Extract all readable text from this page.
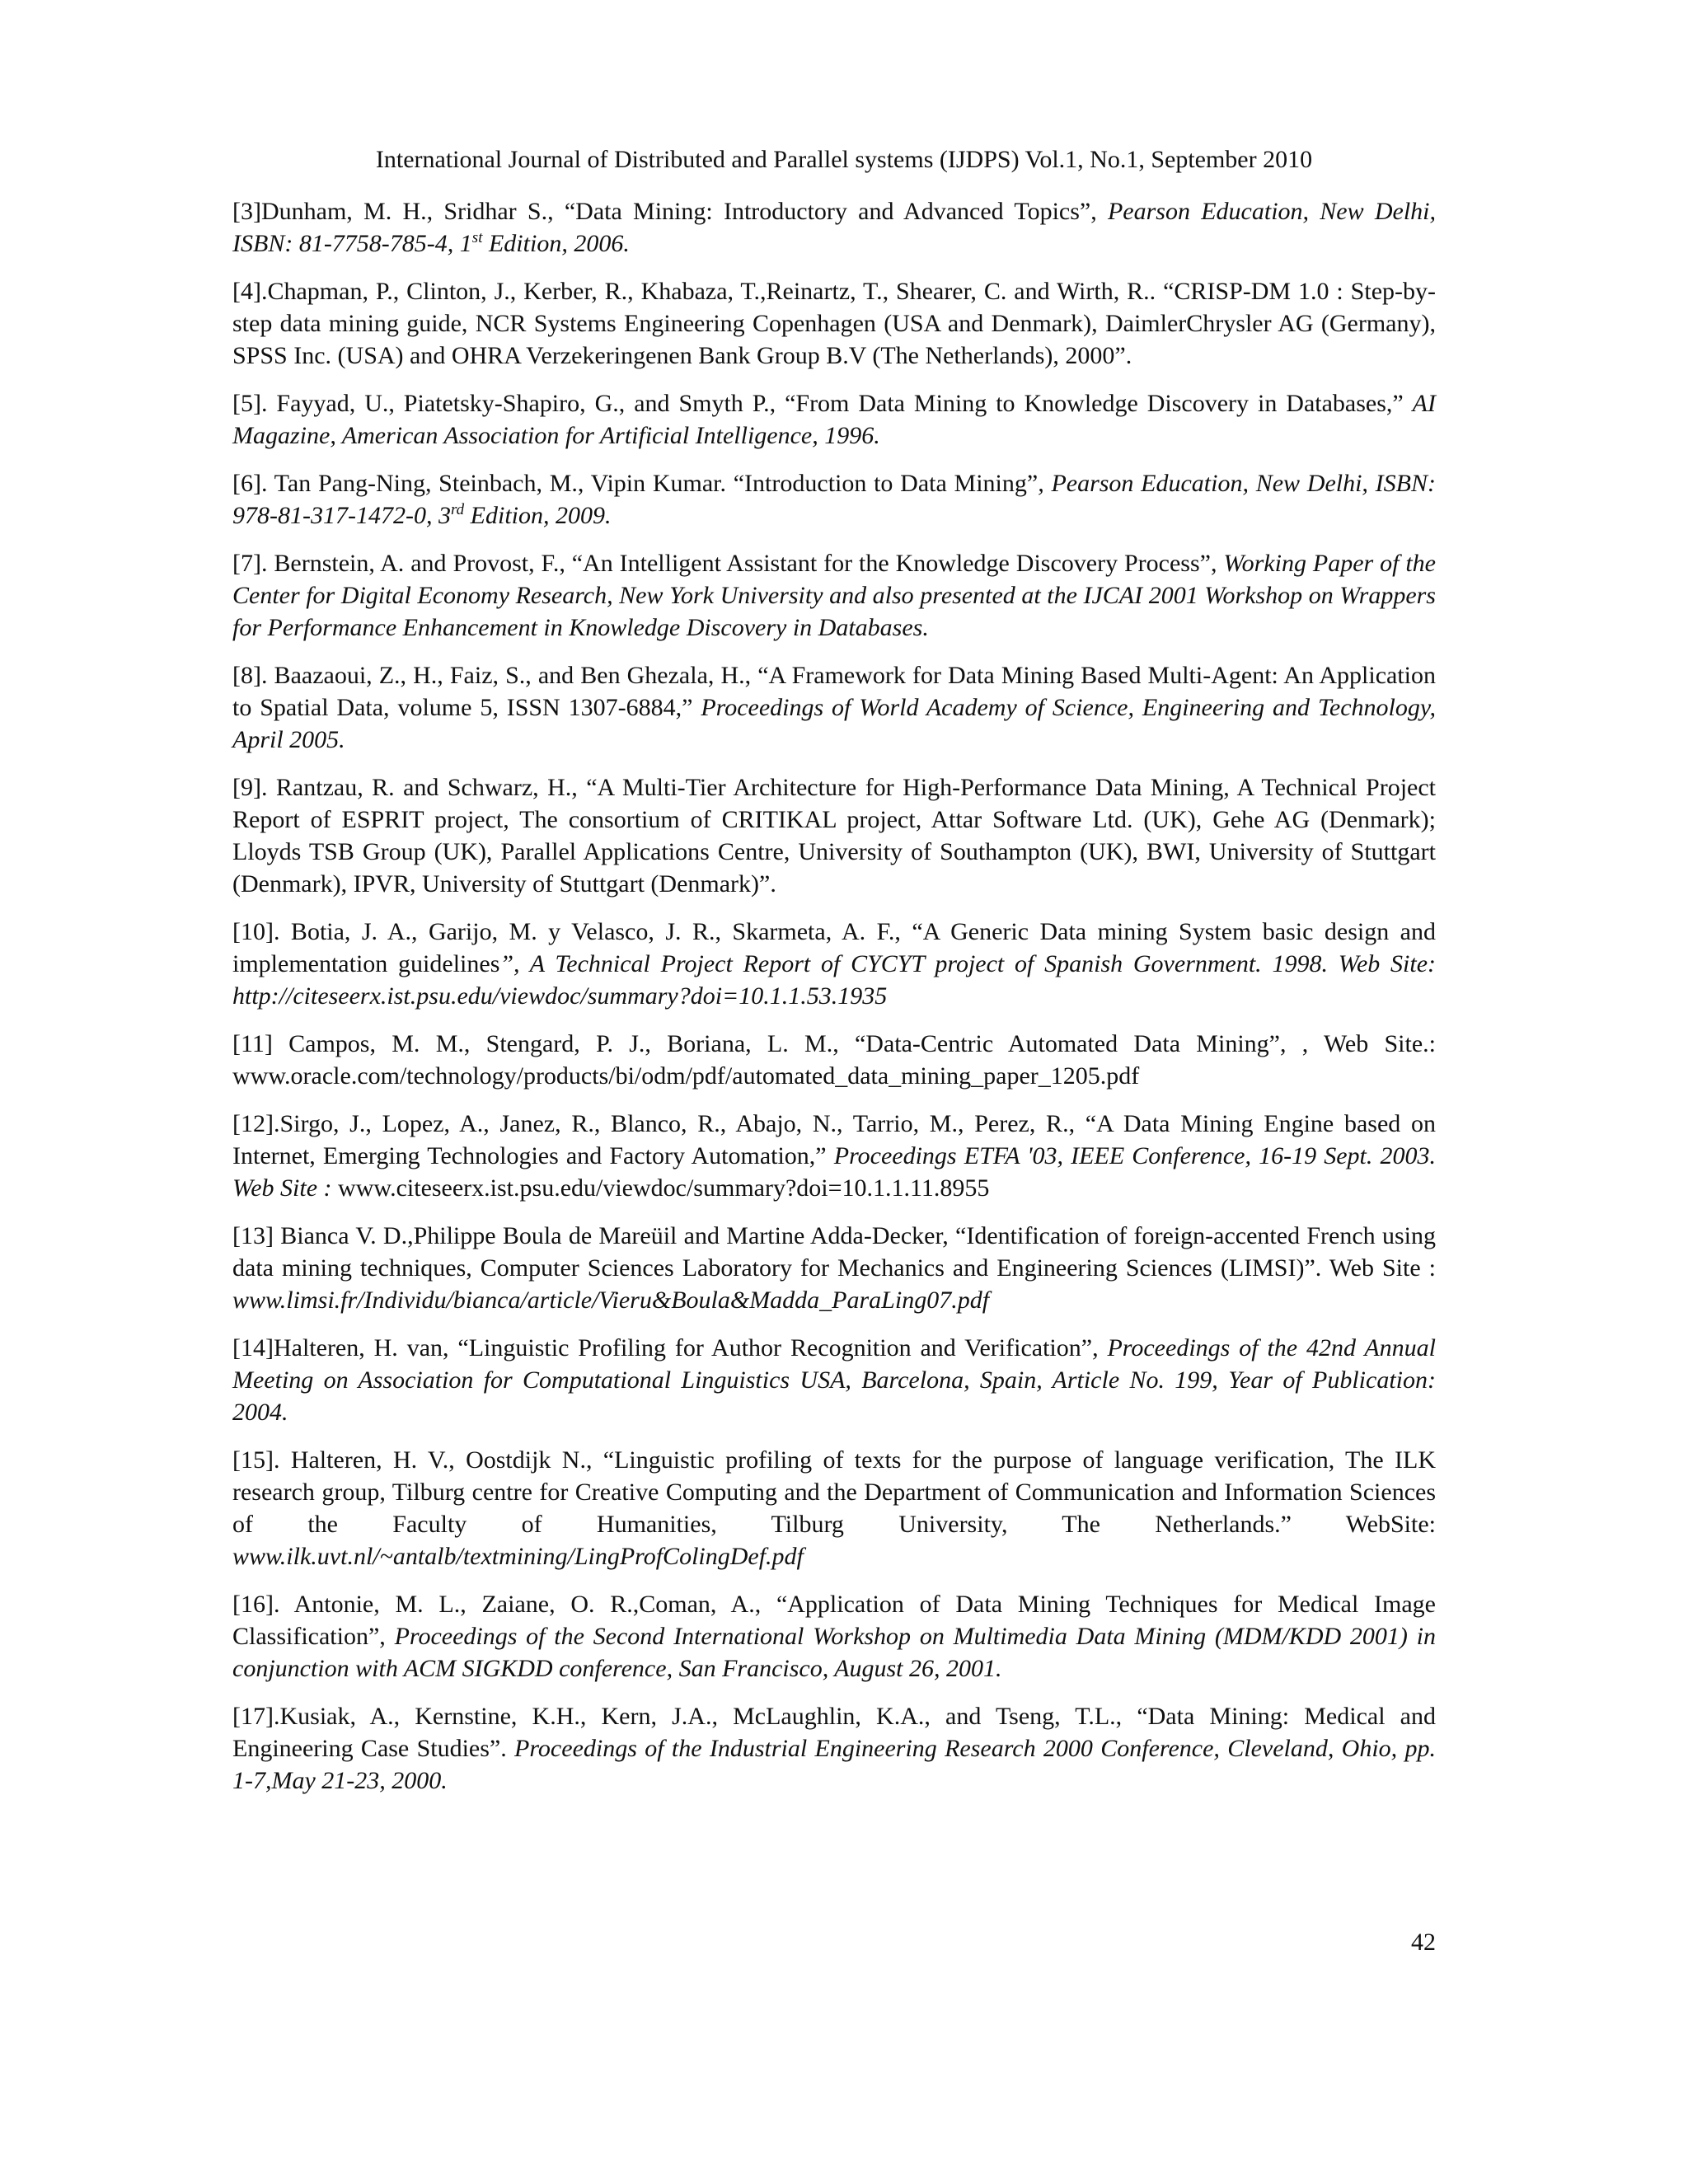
International Journal of Distributed and Parallel systems (IJDPS) Vol.1, No.1, September 2010

[3]Dunham, M. H., Sridhar S., “Data Mining: Introductory and Advanced Topics”, Pearson Education, New Delhi, ISBN: 81-7758-785-4, 1st Edition, 2006.

[4].Chapman, P., Clinton, J., Kerber, R., Khabaza, T.,Reinartz, T., Shearer, C. and Wirth, R.. “CRISP-DM 1.0 : Step-by-step data mining guide, NCR Systems Engineering Copenhagen (USA and Denmark), DaimlerChrysler AG (Germany), SPSS Inc. (USA) and OHRA Verzekeringenen Bank Group B.V (The Netherlands), 2000”.

[5]. Fayyad, U., Piatetsky-Shapiro, G., and Smyth P., “From Data Mining to Knowledge Discovery in Databases,” AI Magazine, American Association for Artificial Intelligence, 1996.

[6]. Tan Pang-Ning, Steinbach, M., Vipin Kumar. “Introduction to Data Mining”, Pearson Education, New Delhi, ISBN: 978-81-317-1472-0, 3rd Edition, 2009.

[7]. Bernstein, A. and Provost, F., “An Intelligent Assistant for the Knowledge Discovery Process”, Working Paper of the Center for Digital Economy Research, New York University and also presented at the IJCAI 2001 Workshop on Wrappers for Performance Enhancement in Knowledge Discovery in Databases.

[8]. Baazaoui, Z., H., Faiz, S., and Ben Ghezala, H., “A Framework for Data Mining Based Multi-Agent: An Application to Spatial Data, volume 5, ISSN 1307-6884,” Proceedings of World Academy of Science, Engineering and Technology, April 2005.

[9]. Rantzau, R. and Schwarz, H., “A Multi-Tier Architecture for High-Performance Data Mining, A Technical Project Report of ESPRIT project, The consortium of CRITIKAL project, Attar Software Ltd. (UK), Gehe AG (Denmark); Lloyds TSB Group (UK), Parallel Applications Centre, University of Southampton (UK), BWI, University of Stuttgart (Denmark), IPVR, University of Stuttgart (Denmark)”.

[10]. Botia, J. A., Garijo, M. y Velasco, J. R., Skarmeta, A. F., “A Generic Data mining System basic design and implementation guidelines”, A Technical Project Report of CYCYT project of Spanish Government. 1998. Web Site: http://citeseerx.ist.psu.edu/viewdoc/summary?doi=10.1.1.53.1935

[11] Campos, M. M., Stengard, P. J., Boriana, L. M., “Data-Centric Automated Data Mining”, , Web Site.: www.oracle.com/technology/products/bi/odm/pdf/automated_data_mining_paper_1205.pdf

[12].Sirgo, J., Lopez, A., Janez, R., Blanco, R., Abajo, N., Tarrio, M., Perez, R., “A Data Mining Engine based on Internet, Emerging Technologies and Factory Automation,” Proceedings ETFA '03, IEEE Conference, 16-19 Sept. 2003. Web Site : www.citeseerx.ist.psu.edu/viewdoc/summary?doi=10.1.1.11.8955

[13] Bianca V. D.,Philippe Boula de Mareüil and Martine Adda-Decker, “Identification of foreign-accented French using data mining techniques, Computer Sciences Laboratory for Mechanics and Engineering Sciences (LIMSI)”. Web Site : www.limsi.fr/Individu/bianca/article/Vieru&Boula&Madda_ParaLing07.pdf

[14]Halteren, H. van, “Linguistic Profiling for Author Recognition and Verification”, Proceedings of the 42nd Annual Meeting on Association for Computational Linguistics USA, Barcelona, Spain, Article No. 199, Year of Publication: 2004.

[15]. Halteren, H. V., Oostdijk N., “Linguistic profiling of texts for the purpose of language verification, The ILK research group, Tilburg centre for Creative Computing and the Department of Communication and Information Sciences of the Faculty of Humanities, Tilburg University, The Netherlands.” WebSite: www.ilk.uvt.nl/~antalb/textmining/LingProfColingDef.pdf

[16]. Antonie, M. L., Zaiane, O. R.,Coman, A., “Application of Data Mining Techniques for Medical Image Classification”, Proceedings of the Second International Workshop on Multimedia Data Mining (MDM/KDD 2001) in conjunction with ACM SIGKDD conference, San Francisco, August 26, 2001.

[17].Kusiak, A., Kernstine, K.H., Kern, J.A., McLaughlin, K.A., and Tseng, T.L., “Data Mining: Medical and Engineering Case Studies”. Proceedings of the Industrial Engineering Research 2000 Conference, Cleveland, Ohio, pp. 1-7,May 21-23, 2000.

42
